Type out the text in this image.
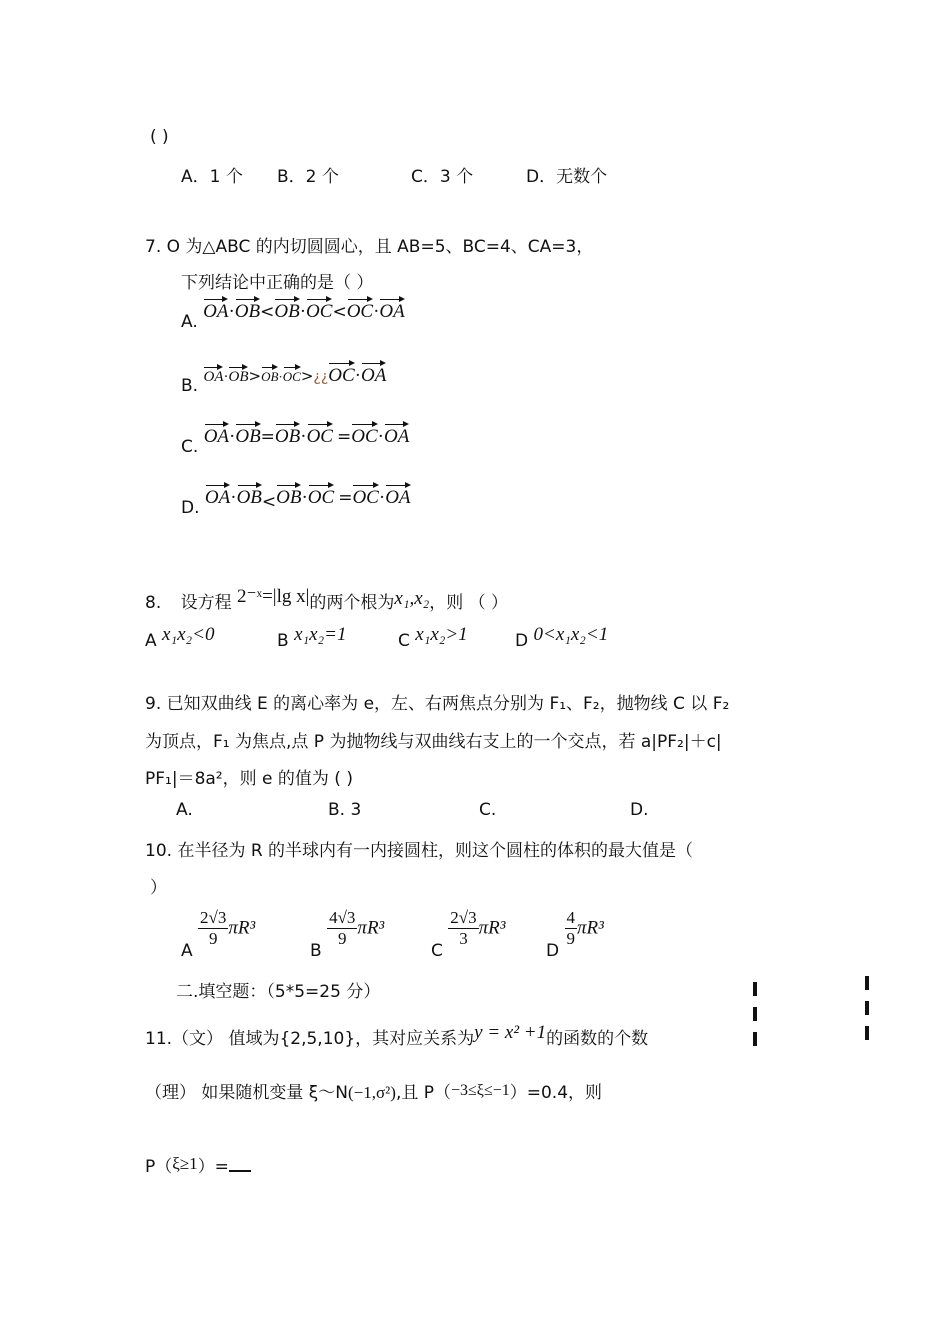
( )
A．1 个 B．2 个	C．3 个	D．无数个
7. O 为△ABC 的内切圆圆心，且 AB=5、BC=4、CA=3，
下列结论中正确的是（ ）
A. OA·OB<OB·OC<OC·OA
B. OA·OB>OB·OC>¿¿OC·OA
C. OA·OB=OB·OC =OC·OA
D. OA·OB<OB·OC =OC·OA
8. 设方程 2⁻ˣ=|lg x|的两个根为x₁,x₂，则 （ ）
A x₁x₂<0	B x₁x₂=1	C x₁x₂>1	D 0<x₁x₂<1
9. 已知双曲线 E 的离心率为 e，左、右两焦点分别为 F₁、F₂，抛物线 C 以 F₂
为顶点，F₁ 为焦点,点 P 为抛物线与双曲线右支上的一个交点，若 a|PF₂|＋c|
PF₁|＝8a²，则 e 的值为 ( )
A.	B. 3	C.	D.
10. 在半径为 R 的半球内有一内接圆柱，则这个圆柱的体积的最大值是（
）
A
$\frac{2√3}{9} \pi R^3$
B
$\frac{4√3}{9} \pi R^3$
C
$\frac{2√3}{3} \pi R^3$
D
$\frac{4}{9} \pi R^3$
二.填空题：（5*5=25 分）
11.（文） 值域为{2,5,10}，其对应关系为y = x² +1的函数的个数
（理） 如果随机变量 ξ～N(−1,σ²),且 P（−3≤ξ≤−1）=0.4，则
P（ξ≥1）=
